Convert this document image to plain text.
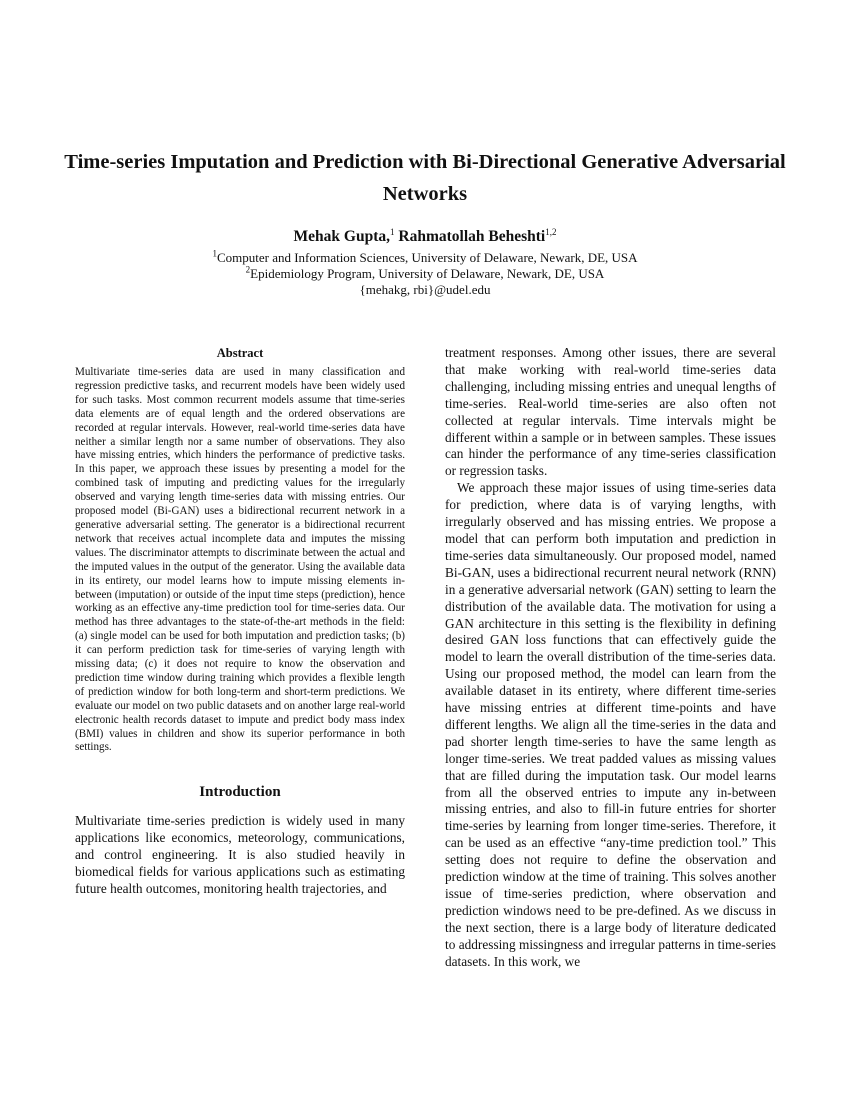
Time-series Imputation and Prediction with Bi-Directional Generative Adversarial Networks
Mehak Gupta,$^1$ Rahmatollah Beheshti$^{1,2}$
$^1$Computer and Information Sciences, University of Delaware, Newark, DE, USA
$^2$Epidemiology Program, University of Delaware, Newark, DE, USA
{mehakg, rbi}@udel.edu
Abstract

Multivariate time-series data are used in many classification and regression predictive tasks, and recurrent models have been widely used for such tasks. Most common recurrent models assume that time-series data elements are of equal length and the ordered observations are recorded at regular intervals. However, real-world time-series data have neither a similar length nor a same number of observations. They also have missing entries, which hinders the performance of predictive tasks. In this paper, we approach these issues by presenting a model for the combined task of imputing and predicting values for the irregularly observed and varying length time-series data with missing entries. Our proposed model (Bi-GAN) uses a bidirectional recurrent network in a generative adversarial setting. The generator is a bidirectional recurrent network that receives actual incomplete data and imputes the missing values. The discriminator attempts to discriminate between the actual and the imputed values in the output of the generator. Using the available data in its entirety, our model learns how to impute missing elements in-between (imputation) or outside of the input time steps (prediction), hence working as an effective any-time prediction tool for time-series data. Our method has three advantages to the state-of-the-art methods in the field: (a) single model can be used for both imputation and prediction tasks; (b) it can perform prediction task for time-series of varying length with missing data; (c) it does not require to know the observation and prediction time window during training which provides a flexible length of prediction window for both long-term and short-term predictions. We evaluate our model on two public datasets and on another large real-world electronic health records dataset to impute and predict body mass index (BMI) values in children and show its superior performance in both settings.

Introduction

Multivariate time-series prediction is widely used in many applications like economics, meteorology, communications, and control engineering. It is also studied heavily in biomedical fields for various applications such as estimating future health outcomes, monitoring health trajectories, and

treatment responses. Among other issues, there are several that make working with real-world time-series data challenging, including missing entries and unequal lengths of time-series. Real-world time-series are also often not collected at regular intervals. Time intervals might be different within a sample or in between samples. These issues can hinder the performance of any time-series classification or regression tasks.

We approach these major issues of using time-series data for prediction, where data is of varying lengths, with irregularly observed and has missing entries. We propose a model that can perform both imputation and prediction in time-series data simultaneously. Our proposed model, named Bi-GAN, uses a bidirectional recurrent neural network (RNN) in a generative adversarial network (GAN) setting to learn the distribution of the available data. The motivation for using a GAN architecture in this setting is the flexibility in defining desired GAN loss functions that can effectively guide the model to learn the overall distribution of the time-series data. Using our proposed method, the model can learn from the available dataset in its entirety, where different time-series have missing entries at different time-points and have different lengths. We align all the time-series in the data and pad shorter length time-series to have the same length as longer time-series. We treat padded values as missing values that are filled during the imputation task. Our model learns from all the observed entries to impute any in-between missing entries, and also to fill-in future entries for shorter time-series by learning from longer time-series. Therefore, it can be used as an effective “any-time prediction tool.” This setting does not require to define the observation and prediction window at the time of training. This solves another issue of time-series prediction, where observation and prediction windows need to be pre-defined. As we discuss in the next section, there is a large body of literature dedicated to addressing missingness and irregular patterns in time-series datasets. In this work, we
